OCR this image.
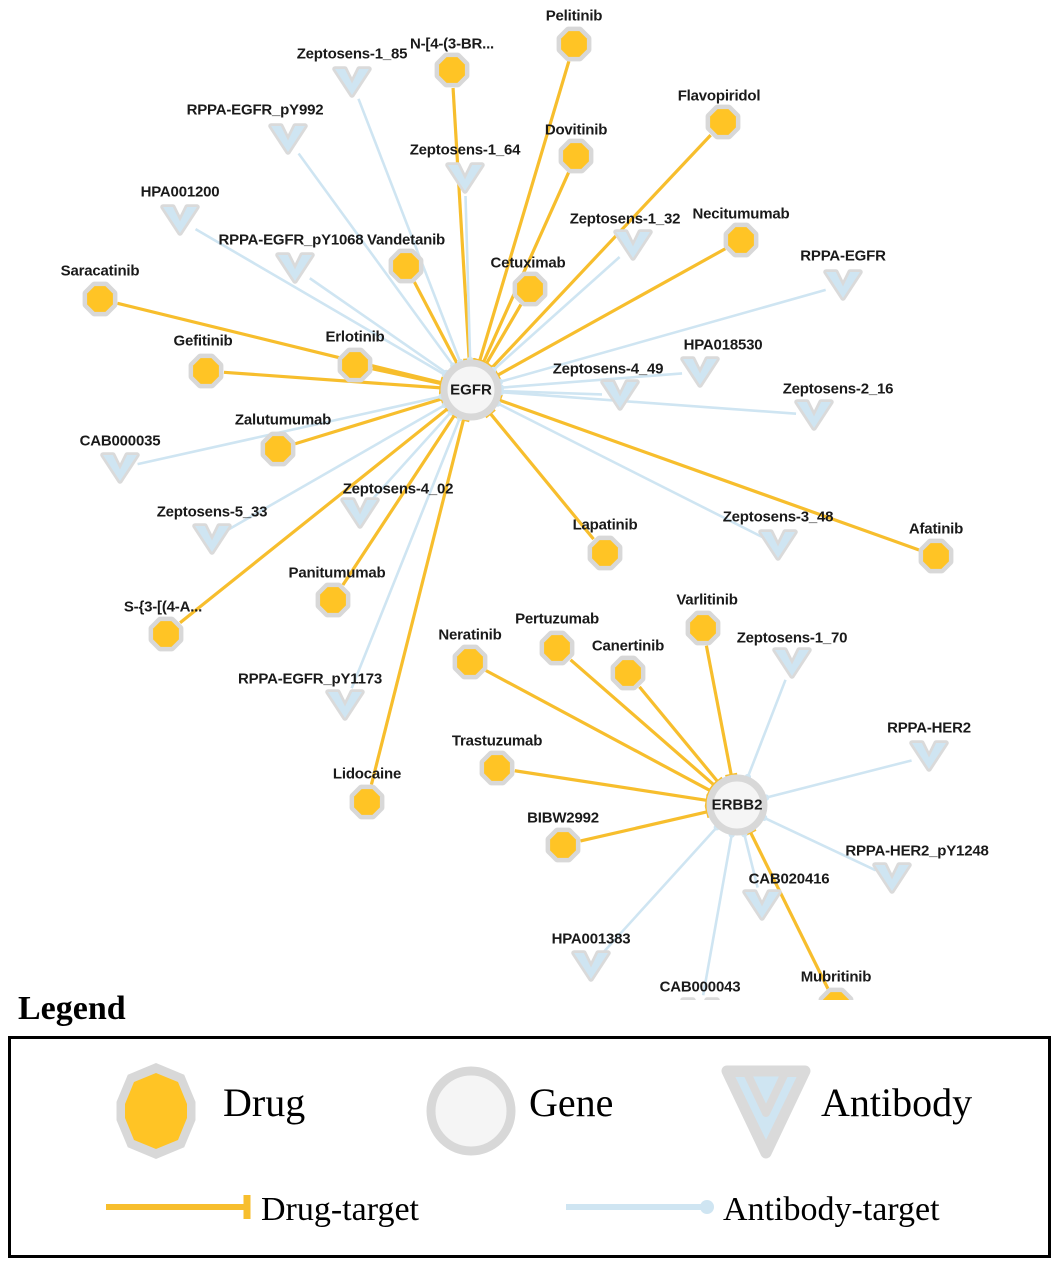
Pelitinib
N-[4-(3-BR...
Flavopiridol
Dovitinib
Necitumumab
Vandetanib
Cetuximab
Saracatinib
Erlotinib
Gefitinib
Zalutumumab
Afatinib
Lapatinib
Panitumumab
S-{3-[(4-A...	Varlitinib
Pertuzumab
Neratinib
Canertinib
Trastuzumab
Lidocaine
BIBW2992
Mubritinib
Zeptosens-1_85
RPPA-EGFR_pY992
Zeptosens-1_64
HPA001200
Zeptosens-1_32
RPPA-EGFR_pY1068
RPPA-EGFR
HPA018530
Zeptosens-4_49
Zeptosens-2_16
CAB000035
Zeptosens-4_02
Zeptosens-5_33	Zeptosens-3_48
Zeptosens-1_70
RPPA-EGFR_pY1173
RPPA-HER2
RPPA-HER2_pY1248
CAB020416
HPA001383
CAB000043
EGFR
ERBB2
Legend
Drug	Gene	Antibody
Drug-target	Antibody-target
